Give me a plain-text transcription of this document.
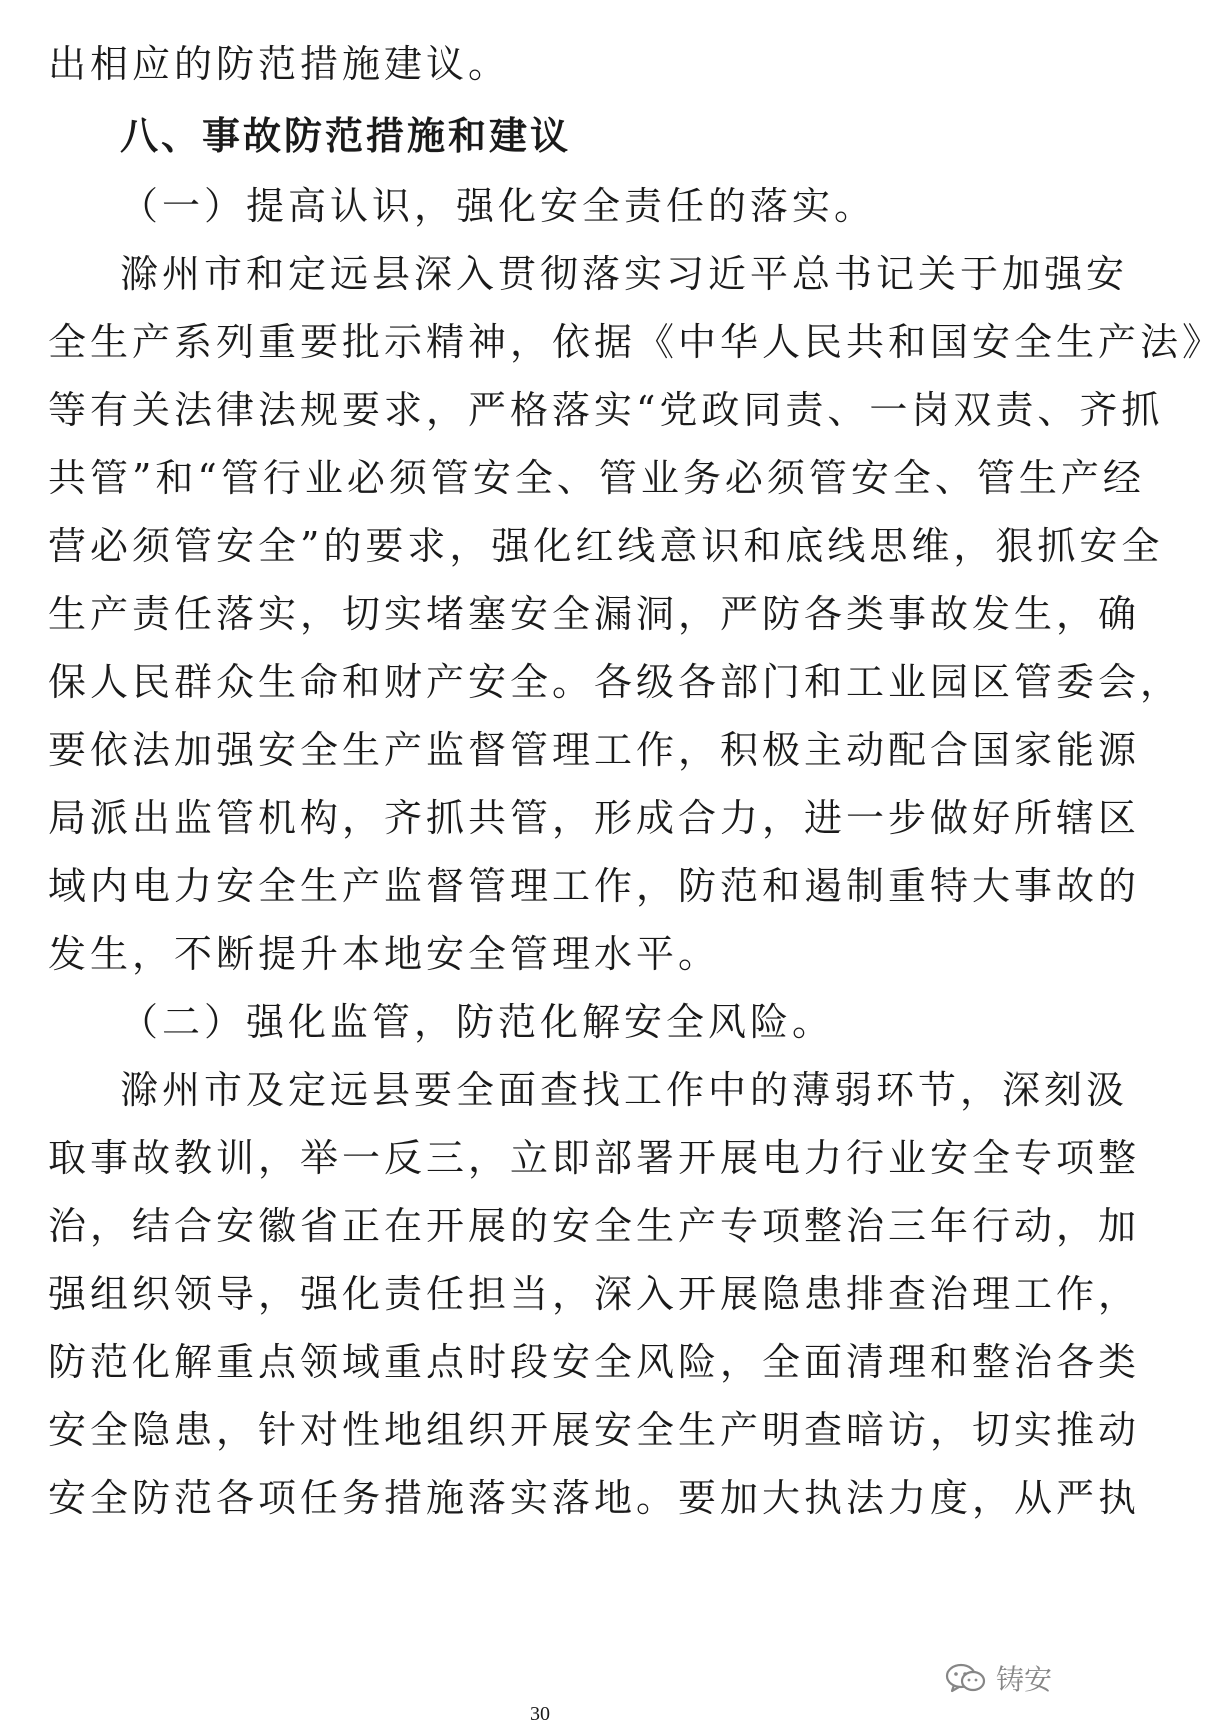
出相应的防范措施建议。
八、事故防范措施和建议
（一）提高认识，强化安全责任的落实。
滁州市和定远县深入贯彻落实习近平总书记关于加强安
全生产系列重要批示精神，依据《中华人民共和国安全生产法》
等有关法律法规要求，严格落实“党政同责、一岗双责、齐抓
共管”和“管行业必须管安全、管业务必须管安全、管生产经
营必须管安全”的要求，强化红线意识和底线思维，狠抓安全
生产责任落实，切实堵塞安全漏洞，严防各类事故发生，确
保人民群众生命和财产安全。各级各部门和工业园区管委会，
要依法加强安全生产监督管理工作，积极主动配合国家能源
局派出监管机构，齐抓共管，形成合力，进一步做好所辖区
域内电力安全生产监督管理工作，防范和遏制重特大事故的
发生，不断提升本地安全管理水平。
（二）强化监管，防范化解安全风险。
滁州市及定远县要全面查找工作中的薄弱环节，深刻汲
取事故教训，举一反三，立即部署开展电力行业安全专项整
治，结合安徽省正在开展的安全生产专项整治三年行动，加
强组织领导，强化责任担当，深入开展隐患排查治理工作，
防范化解重点领域重点时段安全风险，全面清理和整治各类
安全隐患，针对性地组织开展安全生产明查暗访，切实推动
安全防范各项任务措施落实落地。要加大执法力度，从严执
铸安
30
